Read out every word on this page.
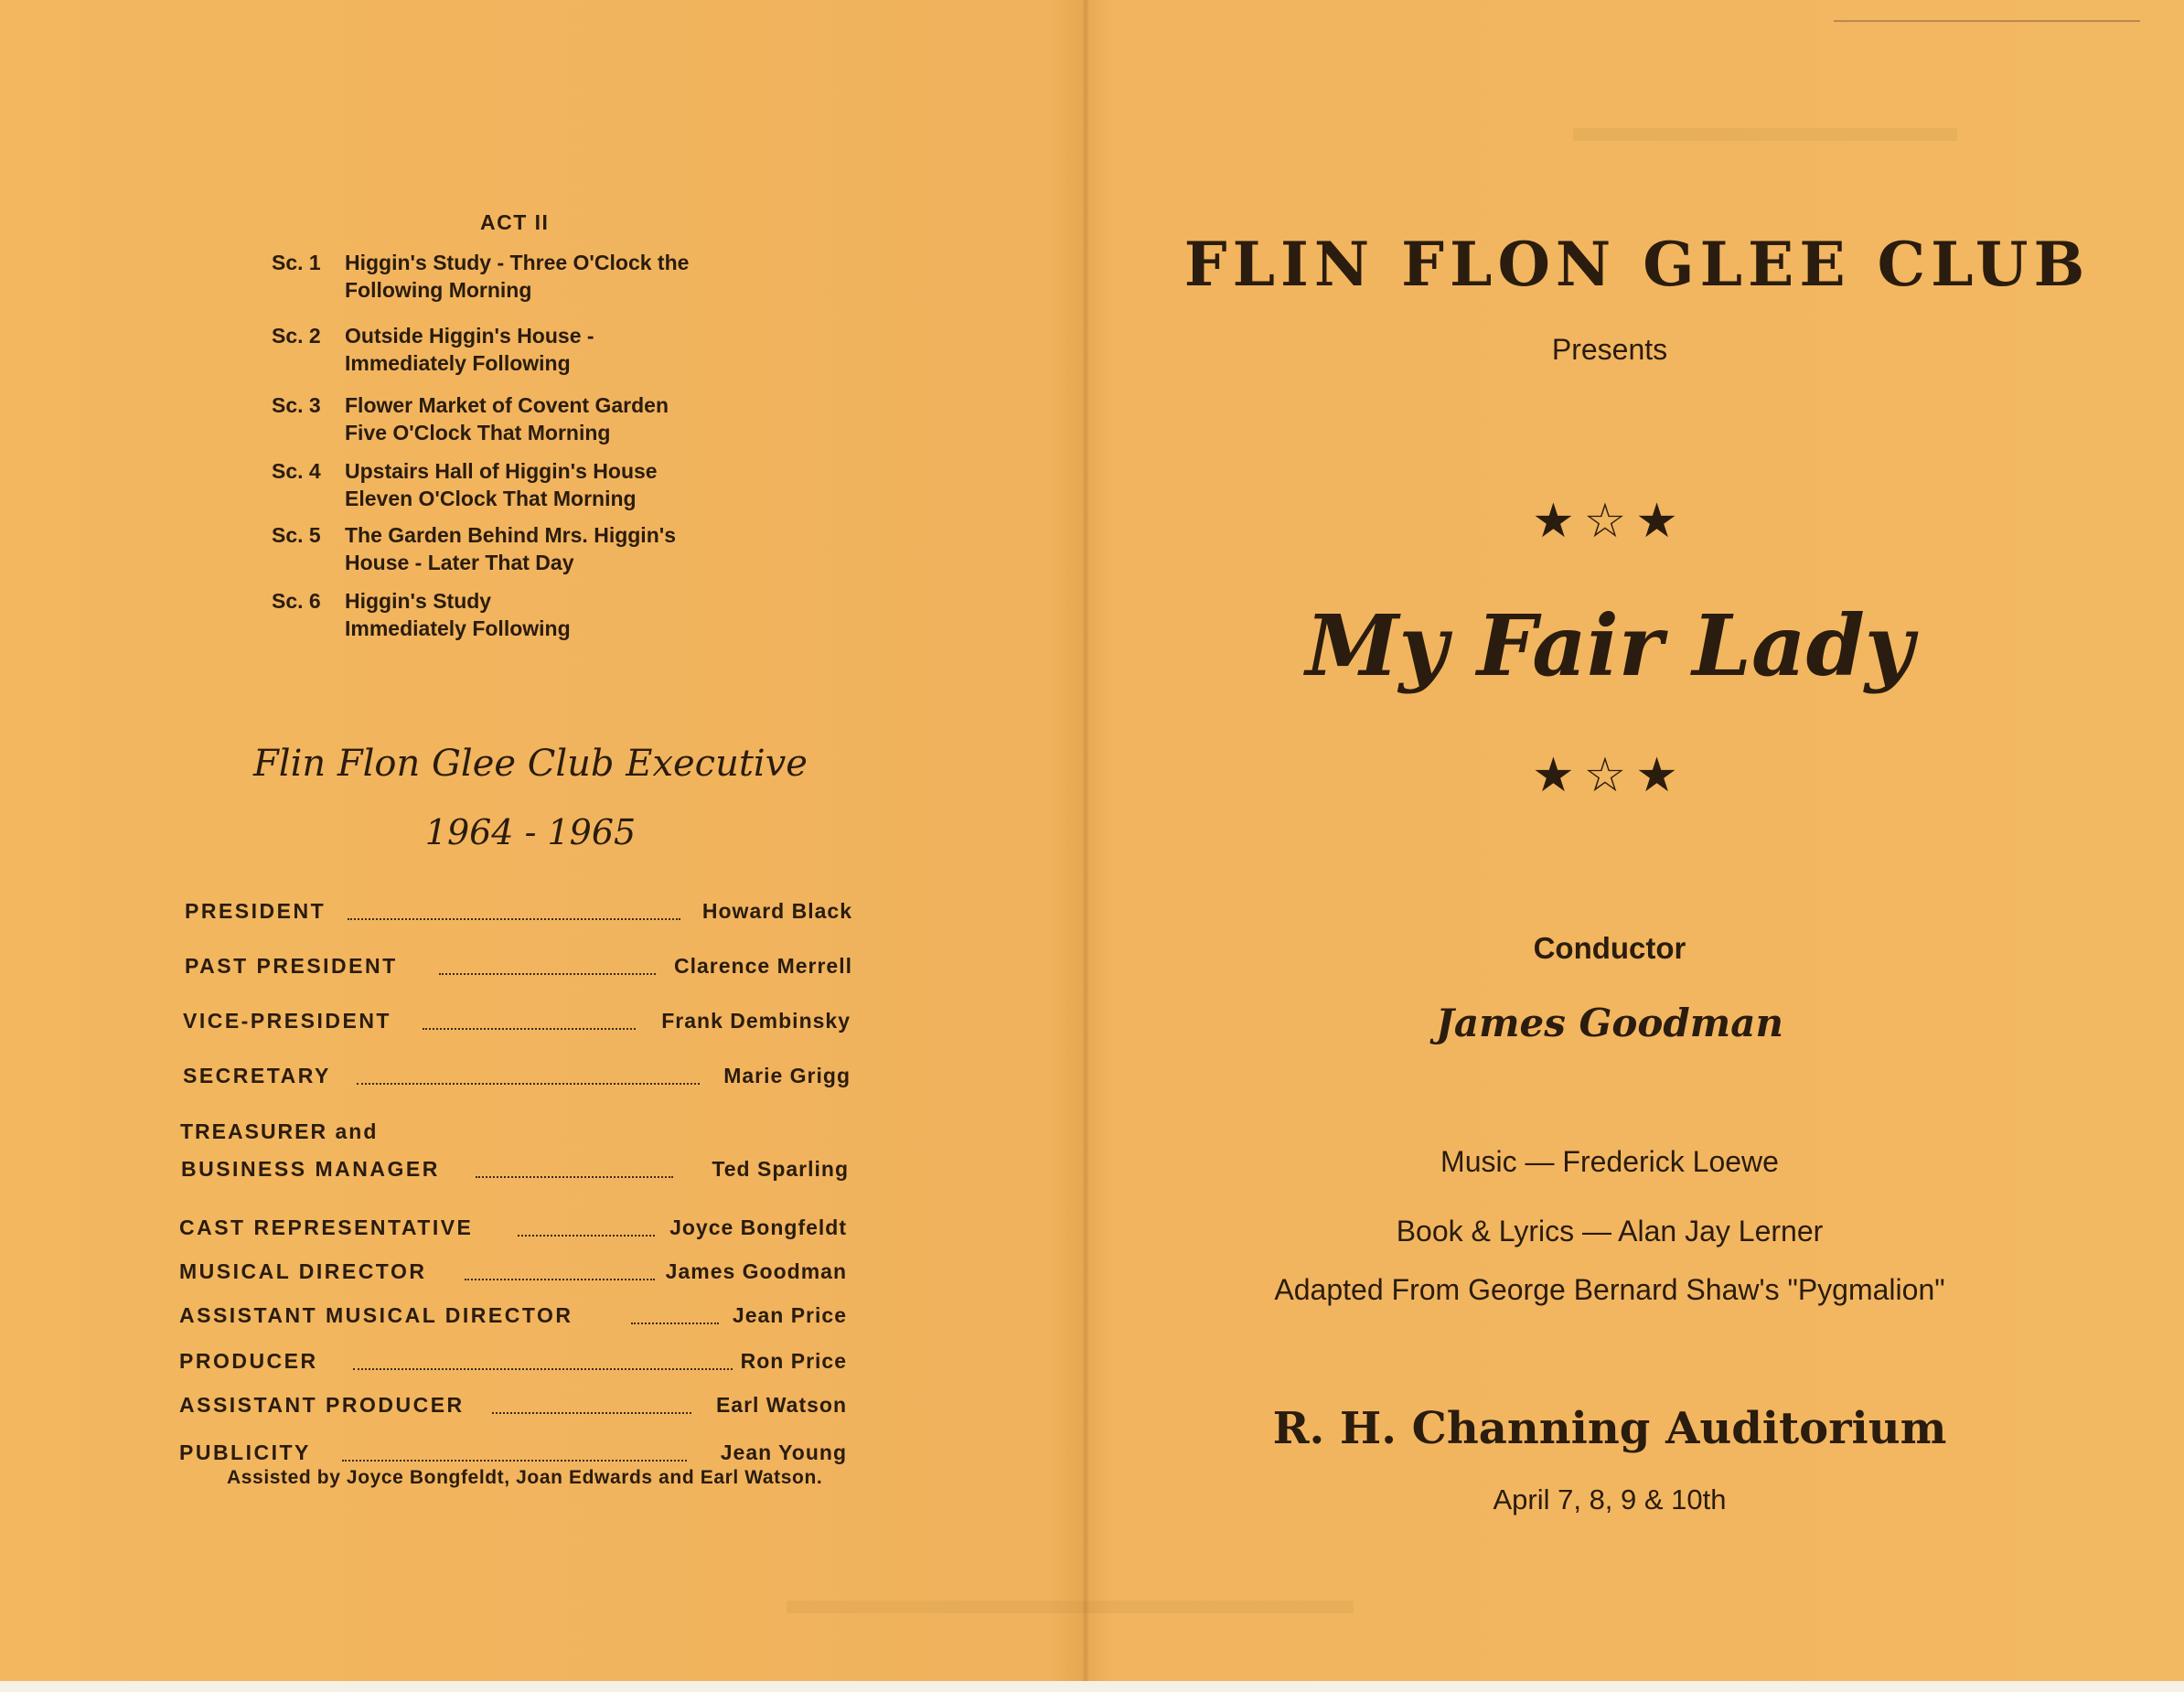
ACT II
Sc. 1	Higgin's Study - Three O'Clock the
Following Morning
Sc. 2	Outside Higgin's House -
Immediately Following
Sc. 3	Flower Market of Covent Garden
Five O'Clock That Morning
Sc. 4	Upstairs Hall of Higgin's House
Eleven O'Clock That Morning
Sc. 5	The Garden Behind Mrs. Higgin's
House - Later That Day
Sc. 6	Higgin's Study
Immediately Following
Flin Flon Glee Club Executive
1964 - 1965
PRESIDENT	Howard Black
PAST PRESIDENT	Clarence Merrell
VICE-PRESIDENT	Frank Dembinsky
SECRETARY	Marie Grigg
TREASURER and
BUSINESS MANAGER	Ted Sparling
CAST REPRESENTATIVE	Joyce Bongfeldt
MUSICAL DIRECTOR	James Goodman
ASSISTANT MUSICAL DIRECTOR	Jean Price
PRODUCER	Ron Price
ASSISTANT PRODUCER	Earl Watson
PUBLICITY	Jean Young
Assisted by Joyce Bongfeldt, Joan Edwards and Earl Watson.
FLIN FLON GLEE CLUB
Presents
★☆★
My Fair Lady
★☆★
Conductor
James Goodman
Music — Frederick Loewe
Book & Lyrics — Alan Jay Lerner
Adapted From George Bernard Shaw's "Pygmalion"
R. H. Channing Auditorium
April 7, 8, 9 & 10th
